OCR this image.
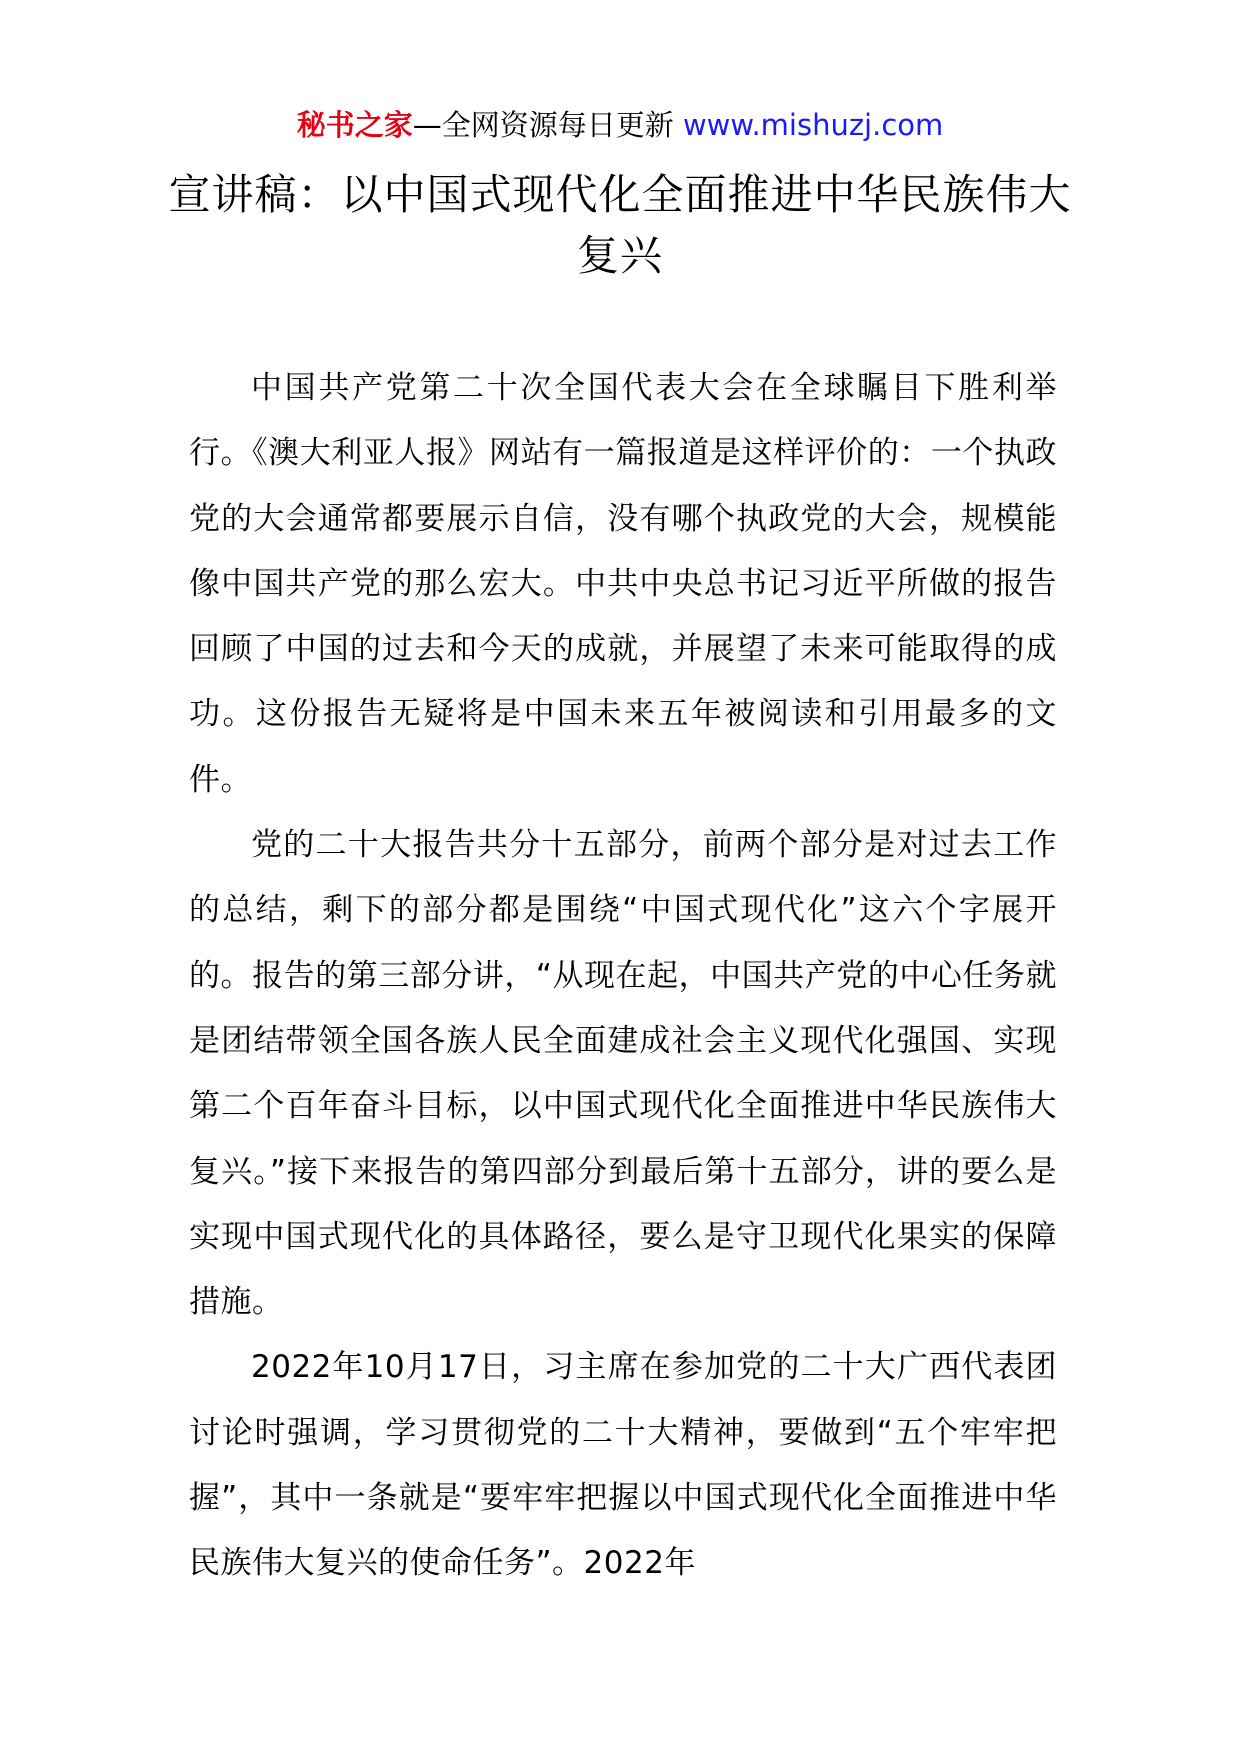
秘书之家—全网资源每日更新 www.mishuzj.com
宣讲稿：以中国式现代化全面推进中华民族伟大复兴

中国共产党第二十次全国代表大会在全球瞩目下胜利举行。《澳大利亚人报》网站有一篇报道是这样评价的：一个执政党的大会通常都要展示自信，没有哪个执政党的大会，规模能像中国共产党的那么宏大。中共中央总书记习近平所做的报告回顾了中国的过去和今天的成就，并展望了未来可能取得的成功。这份报告无疑将是中国未来五年被阅读和引用最多的文件。

党的二十大报告共分十五部分，前两个部分是对过去工作的总结，剩下的部分都是围绕“中国式现代化”这六个字展开的。报告的第三部分讲，“从现在起，中国共产党的中心任务就是团结带领全国各族人民全面建成社会主义现代化强国、实现第二个百年奋斗目标，以中国式现代化全面推进中华民族伟大复兴。”接下来报告的第四部分到最后第十五部分，讲的要么是实现中国式现代化的具体路径，要么是守卫现代化果实的保障措施。

2022年10月17日，习主席在参加党的二十大广西代表团讨论时强调，学习贯彻党的二十大精神，要做到“五个牢牢把握”，其中一条就是“要牢牢把握以中国式现代化全面推进中华民族伟大复兴的使命任务”。2022年
